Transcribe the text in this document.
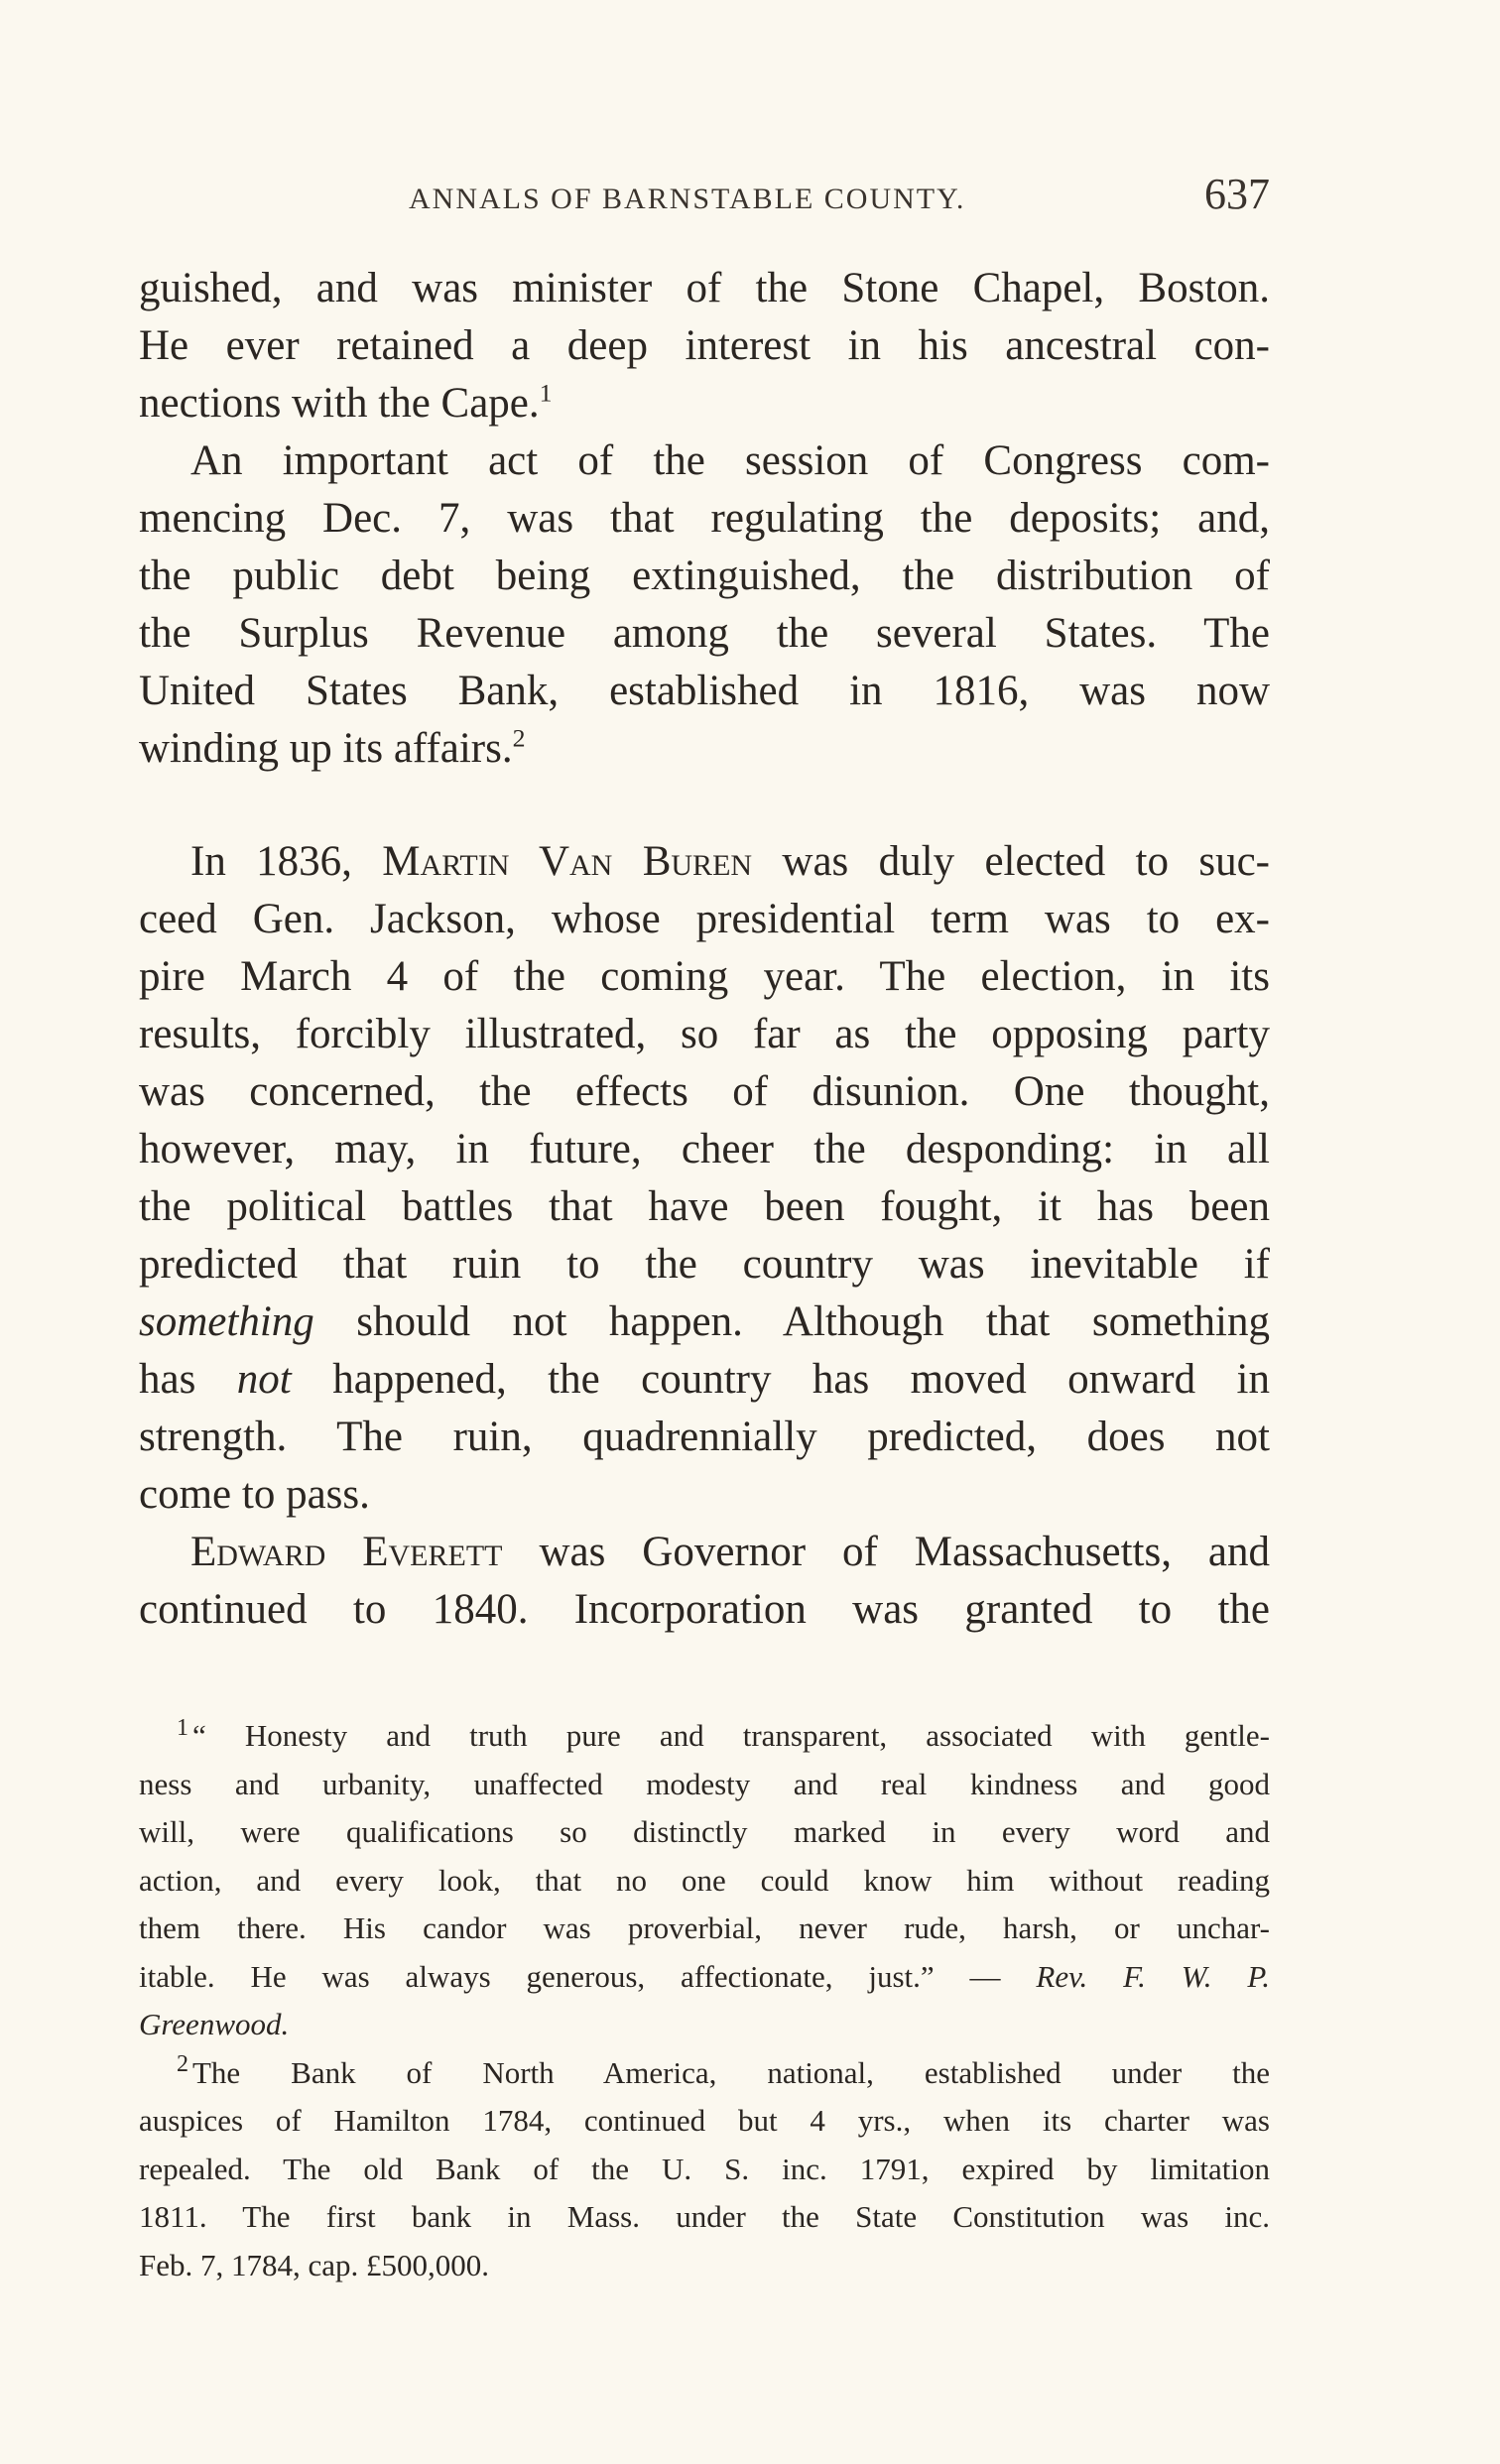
ANNALS OF BARNSTABLE COUNTY.	637
guished, and was minister of the Stone Chapel, Boston.
He ever retained a deep interest in his ancestral con-
nections with the Cape.$^1$
An important act of the session of Congress com-
mencing Dec. 7, was that regulating the deposits; and,
the public debt being extinguished, the distribution of
the Surplus Revenue among the several States. The
United States Bank, established in 1816, was now
winding up its affairs.$^2$
In 1836, Martin Van Buren was duly elected to suc-
ceed Gen. Jackson, whose presidential term was to ex-
pire March 4 of the coming year. The election, in its
results, forcibly illustrated, so far as the opposing party
was concerned, the effects of disunion. One thought,
however, may, in future, cheer the desponding: in all
the political battles that have been fought, it has been
predicted that ruin to the country was inevitable if
something should not happen. Although that something
has not happened, the country has moved onward in
strength. The ruin, quadrennially predicted, does not
come to pass.
Edward Everett was Governor of Massachusetts, and
continued to 1840. Incorporation was granted to the
$^1$ “ Honesty and truth pure and transparent, associated with gentle-
ness and urbanity, unaffected modesty and real kindness and good
will, were qualifications so distinctly marked in every word and
action, and every look, that no one could know him without reading
them there. His candor was proverbial, never rude, harsh, or unchar-
itable. He was always generous, affectionate, just.” — Rev. F. W. P.
Greenwood.
$^2$ The Bank of North America, national, established under the
auspices of Hamilton 1784, continued but 4 yrs., when its charter was
repealed. The old Bank of the U. S. inc. 1791, expired by limitation
1811. The first bank in Mass. under the State Constitution was inc.
Feb. 7, 1784, cap. £500,000.
